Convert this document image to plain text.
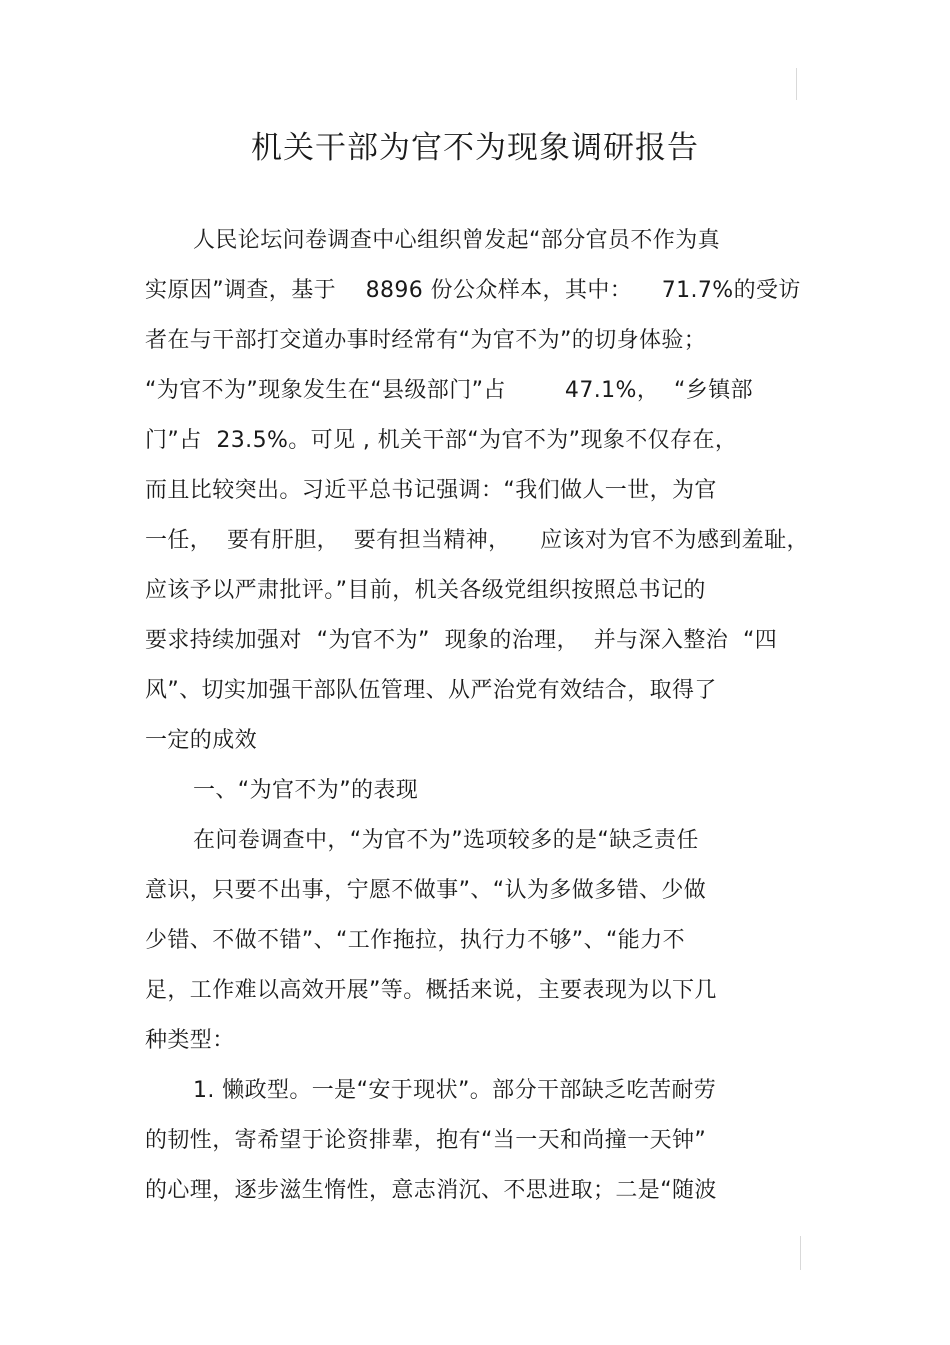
机关干部为官不为现象调研报告
人民论坛问卷调查中心组织曾发起“部分官员不作为真
实原因”调查，基于    8896 份公众样本，其中：    71.7%的受访
者在与干部打交道办事时经常有“为官不为”的切身体验；
“为官不为”现象发生在“县级部门”占        47.1%，  “乡镇部
门”占  23.5%。可见 , 机关干部“为官不为”现象不仅存在，
而且比较突出。习近平总书记强调：“我们做人一世，为官
一任，  要有肝胆，  要有担当精神，    应该对为官不为感到羞耻，
应该予以严肃批评。”目前，机关各级党组织按照总书记的
要求持续加强对  “为官不为”  现象的治理，  并与深入整治  “四
风”、切实加强干部队伍管理、从严治党有效结合，取得了
一定的成效
一、“为官不为”的表现
在问卷调查中，“为官不为”选项较多的是“缺乏责任
意识，只要不出事，宁愿不做事”、“认为多做多错、少做
少错、不做不错”、“工作拖拉，执行力不够”、“能力不
足，工作难以高效开展”等。概括来说，主要表现为以下几
种类型：
1. 懒政型。一是“安于现状”。部分干部缺乏吃苦耐劳
的韧性，寄希望于论资排辈，抱有“当一天和尚撞一天钟”
的心理，逐步滋生惰性，意志消沉、不思进取；二是“随波
